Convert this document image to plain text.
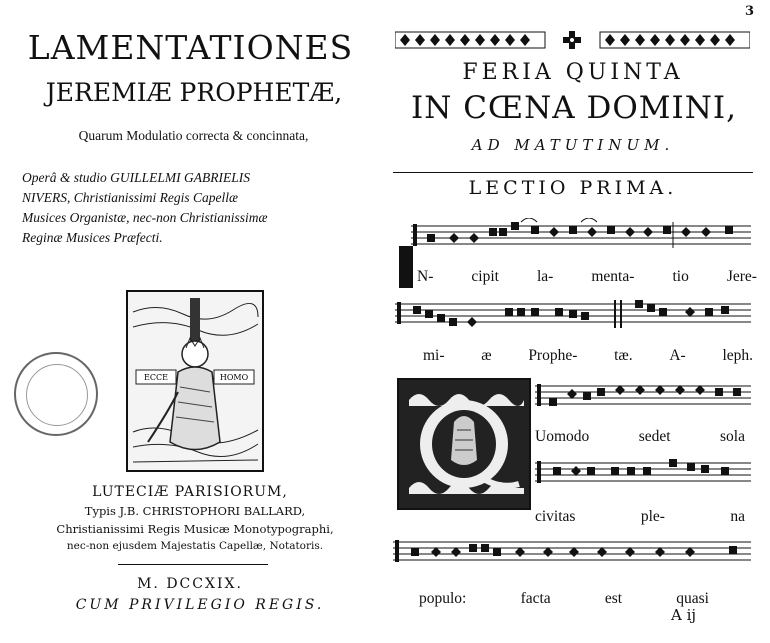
LAMENTATIONES
JEREMIÆ PROPHETÆ,
Quarum Modulatio correcta & concinnata,
Operâ & studio GUILLELMI GABRIELIS
NIVERS, Christianissimi Regis Capellæ
Musices Organistæ, nec-non Christianissimæ
Reginæ Musices Præfecti.
ECCE	HOMO
LUTECIÆ PARISIORUM,
Typis J.B. CHRISTOPHORI BALLARD,
Christianissimi Regis Musicæ Monotypographi,
nec-non ejusdem Majestatis Capellæ, Notatoris.
M. DCCXIX.
CUM PRIVILEGIO REGIS.
3
FERIA QUINTA
IN CŒNA DOMINI,
AD MATUTINUM.
LECTIO PRIMA.
N- cipit la- menta- tio Jere-
mi- æ Prophe- tæ. A- leph.
Uomodo	sedet	sola
civitas	ple-	na
populo:	facta	est	quasi
A ij
